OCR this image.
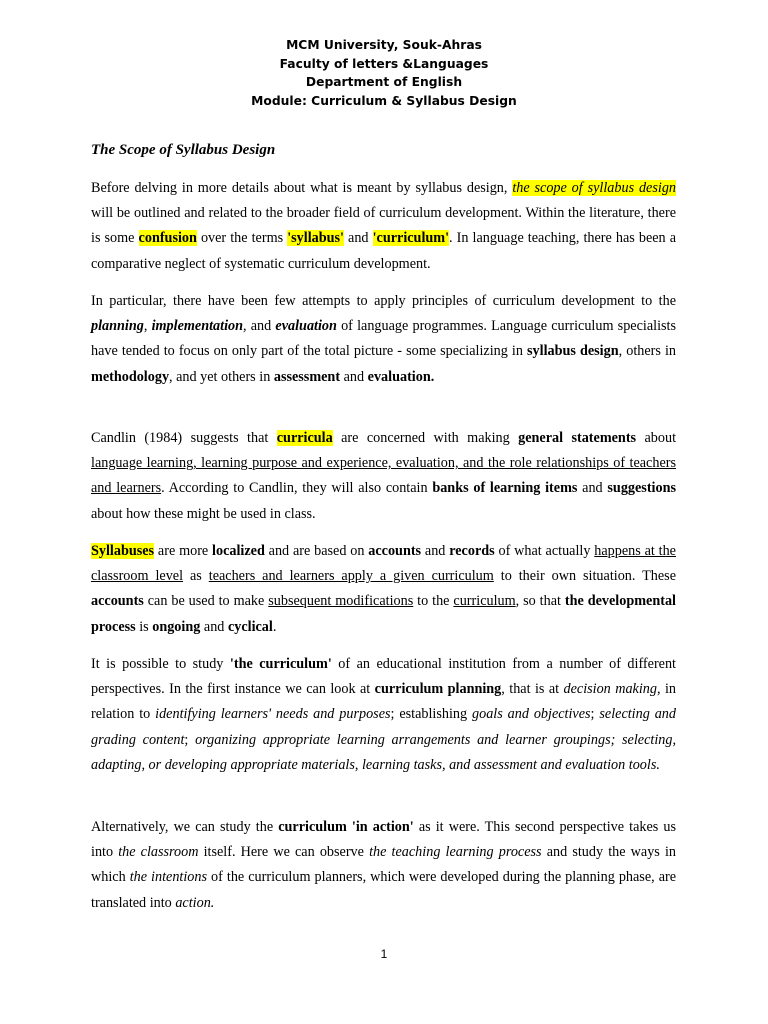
MCM University, Souk-Ahras
Faculty of letters &Languages
Department of English
Module: Curriculum & Syllabus Design
The Scope of Syllabus Design
Before delving in more details about what is meant by syllabus design, the scope of syllabus design will be outlined and related to the broader field of curriculum development. Within the literature, there is some confusion over the terms 'syllabus' and 'curriculum'. In language teaching, there has been a comparative neglect of systematic curriculum development.
In particular, there have been few attempts to apply principles of curriculum development to the planning, implementation, and evaluation of language programmes. Language curriculum specialists have tended to focus on only part of the total picture - some specializing in syllabus design, others in methodology, and yet others in assessment and evaluation.
Candlin (1984) suggests that curricula are concerned with making general statements about language learning, learning purpose and experience, evaluation, and the role relationships of teachers and learners. According to Candlin, they will also contain banks of learning items and suggestions about how these might be used in class.
Syllabuses are more localized and are based on accounts and records of what actually happens at the classroom level as teachers and learners apply a given curriculum to their own situation. These accounts can be used to make subsequent modifications to the curriculum, so that the developmental process is ongoing and cyclical.
It is possible to study 'the curriculum' of an educational institution from a number of different perspectives. In the first instance we can look at curriculum planning, that is at decision making, in relation to identifying learners' needs and purposes; establishing goals and objectives; selecting and grading content; organizing appropriate learning arrangements and learner groupings; selecting, adapting, or developing appropriate materials, learning tasks, and assessment and evaluation tools.
Alternatively, we can study the curriculum 'in action' as it were. This second perspective takes us into the classroom itself. Here we can observe the teaching learning process and study the ways in which the intentions of the curriculum planners, which were developed during the planning phase, are translated into action.
1
